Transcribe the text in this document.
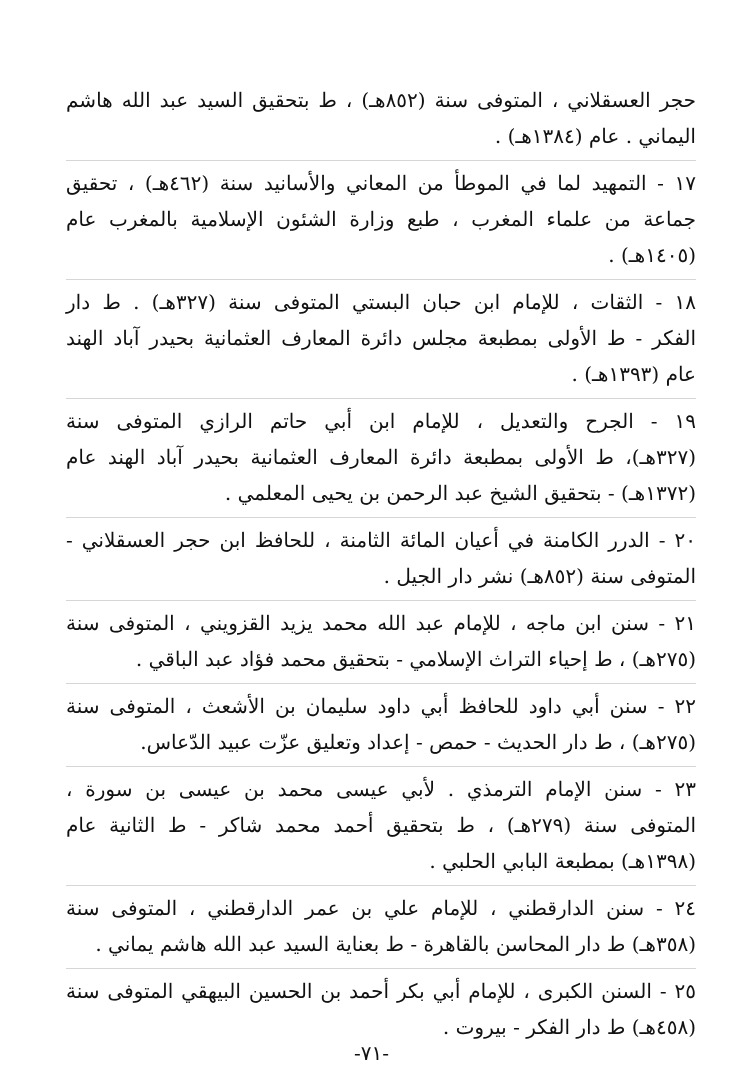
حجر العسقلاني ، المتوفى سنة (٨٥٢هـ) ، ط بتحقيق السيد عبد الله هاشم
اليماني . عام (١٣٨٤هـ) .
١٧ - التمهيد لما في الموطأ من المعاني والأسانيد سنة (٤٦٢هـ) ، تحقيق
جماعة من علماء المغرب ، طبع وزارة الشئون الإسلامية بالمغرب عام
(١٤٠٥هـ) .
١٨ - الثقات ، للإمام ابن حبان البستي المتوفى سنة (٣٢٧هـ) . ط دار
الفكر - ط الأولى بمطبعة مجلس دائرة المعارف العثمانية بحيدر آباد الهند
عام (١٣٩٣هـ) .
١٩ - الجرح والتعديل ، للإمام ابن أبي حاتم الرازي المتوفى سنة
(٣٢٧هـ)، ط الأولى بمطبعة دائرة المعارف العثمانية بحيدر آباد الهند عام
(١٣٧٢هـ) - بتحقيق الشيخ عبد الرحمن بن يحيى المعلمي .
٢٠ - الدرر الكامنة في أعيان المائة الثامنة ، للحافظ ابن حجر العسقلاني -
المتوفى سنة (٨٥٢هـ) نشر دار الجيل .
٢١ - سنن ابن ماجه ، للإمام عبد الله محمد يزيد القزويني ، المتوفى سنة
(٢٧٥هـ) ، ط إحياء التراث الإسلامي - بتحقيق محمد فؤاد عبد الباقي .
٢٢ - سنن أبي داود للحافظ أبي داود سليمان بن الأشعث ، المتوفى سنة
(٢٧٥هـ) ، ط دار الحديث - حمص - إعداد وتعليق عزّت عبيد الدّعاس.
٢٣ - سنن الإمام الترمذي . لأبي عيسى محمد بن عيسى بن سورة ،
المتوفى سنة (٢٧٩هـ) ، ط بتحقيق أحمد محمد شاكر - ط الثانية عام
(١٣٩٨هـ) بمطبعة البابي الحلبي .
٢٤ - سنن الدارقطني ، للإمام علي بن عمر الدارقطني ، المتوفى سنة
(٣٥٨هـ) ط دار المحاسن بالقاهرة - ط بعناية السيد عبد الله هاشم يماني .
٢٥ - السنن الكبرى ، للإمام أبي بكر أحمد بن الحسين البيهقي المتوفى سنة
(٤٥٨هـ) ط دار الفكر - بيروت .
-٧١-
